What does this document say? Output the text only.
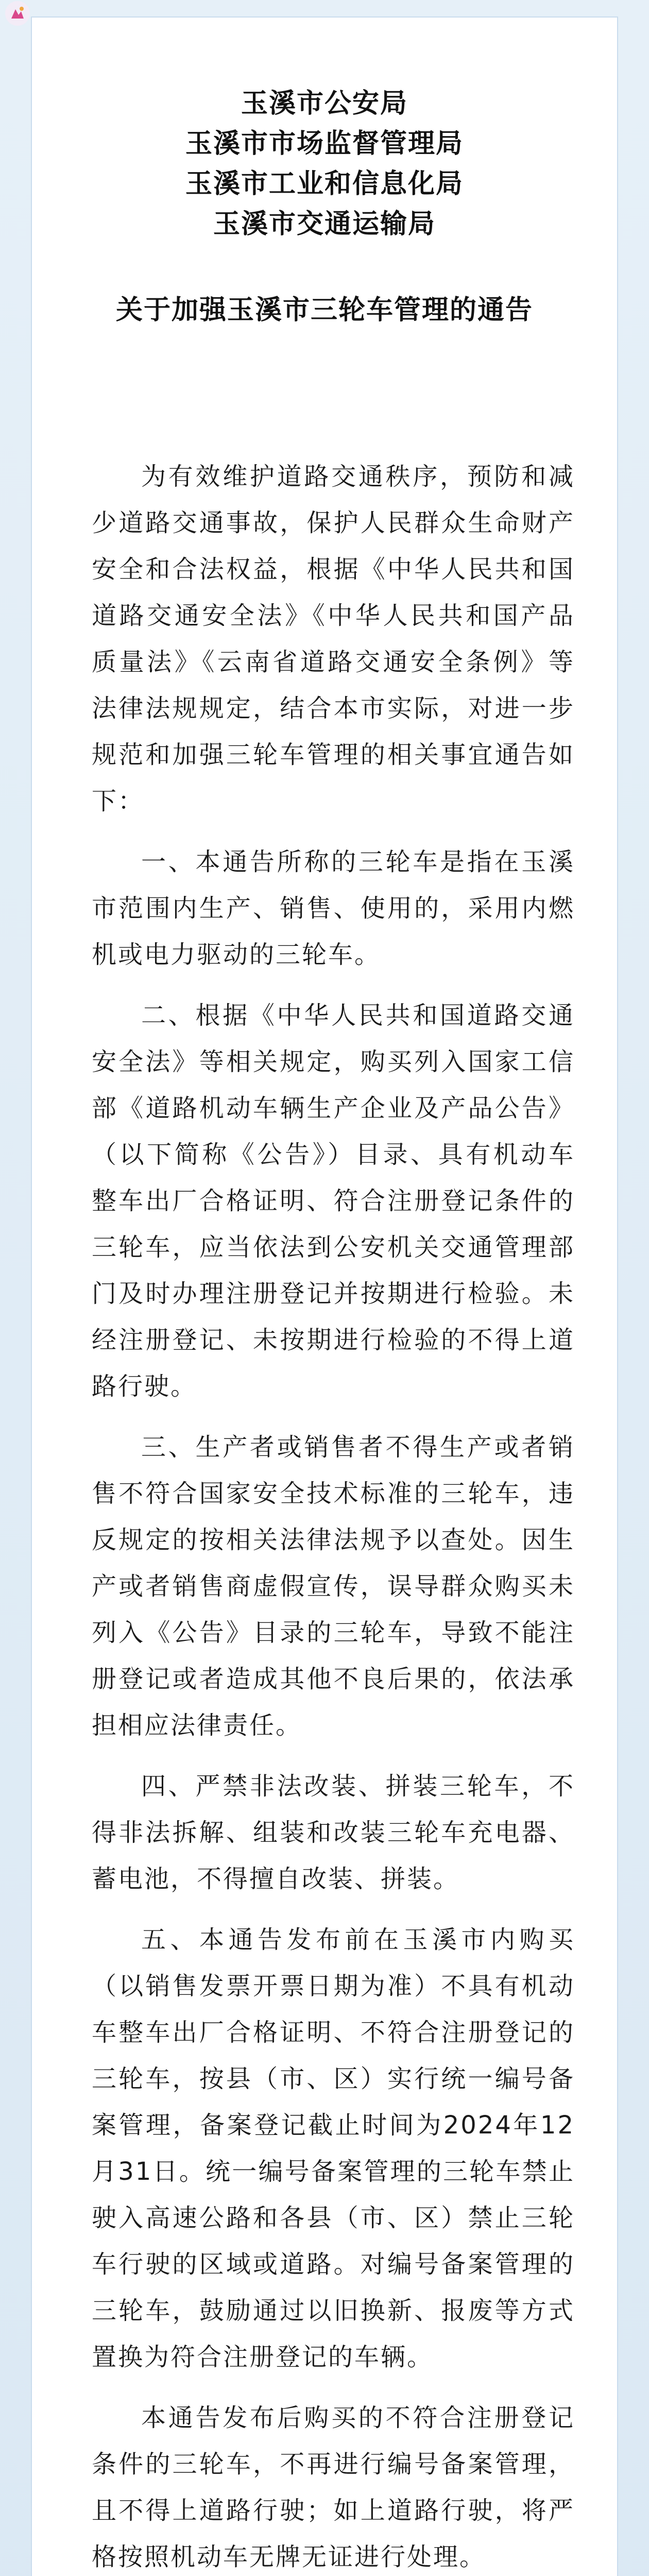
玉溪市公安局
玉溪市市场监督管理局
玉溪市工业和信息化局
玉溪市交通运输局
关于加强玉溪市三轮车管理的通告

为有效维护道路交通秩序，预防和减少道路交通事故，保护人民群众生命财产安全和合法权益，根据《中华人民共和国道路交通安全法》《中华人民共和国产品质量法》《云南省道路交通安全条例》等法律法规规定，结合本市实际，对进一步规范和加强三轮车管理的相关事宜通告如下：

一、本通告所称的三轮车是指在玉溪市范围内生产、销售、使用的，采用内燃机或电力驱动的三轮车。

二、根据《中华人民共和国道路交通安全法》等相关规定，购买列入国家工信部《道路机动车辆生产企业及产品公告》（以下简称《公告》）目录、具有机动车整车出厂合格证明、符合注册登记条件的三轮车，应当依法到公安机关交通管理部门及时办理注册登记并按期进行检验。未经注册登记、未按期进行检验的不得上道路行驶。

三、生产者或销售者不得生产或者销售不符合国家安全技术标准的三轮车，违反规定的按相关法律法规予以查处。因生产或者销售商虚假宣传，误导群众购买未列入《公告》目录的三轮车，导致不能注册登记或者造成其他不良后果的，依法承担相应法律责任。

四、严禁非法改装、拼装三轮车，不得非法拆解、组装和改装三轮车充电器、蓄电池，不得擅自改装、拼装。

五、本通告发布前在玉溪市内购买（以销售发票开票日期为准）不具有机动车整车出厂合格证明、不符合注册登记的三轮车，按县（市、区）实行统一编号备案管理，备案登记截止时间为2024年12月31日。统一编号备案管理的三轮车禁止驶入高速公路和各县（市、区）禁止三轮车行驶的区域或道路。对编号备案管理的三轮车，鼓励通过以旧换新、报废等方式置换为符合注册登记的车辆。

本通告发布后购买的不符合注册登记条件的三轮车，不再进行编号备案管理，且不得上道路行驶；如上道路行驶，将严格按照机动车无牌无证进行处理。
